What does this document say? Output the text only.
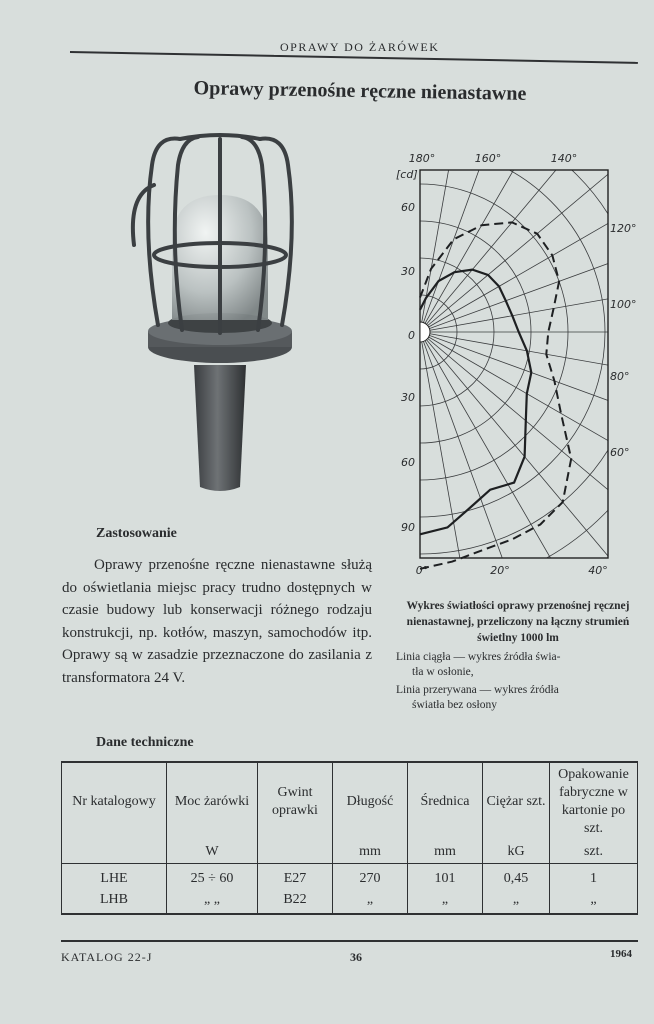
OPRAWY DO ŻARÓWEK
Oprawy przenośne ręczne nienastawne
[cd]
60
30
0
30
60
90
180°	160°	140°
120°
100°
80°
60°
0°	20°	40°
Zastosowanie
Oprawy przenośne ręczne nienastawne służą do oświetlania miejsc pracy trudno dostępnych w czasie budowy lub konserwacji różnego rodzaju konstrukcji, np. kotłów, maszyn, samochodów itp. Oprawy są w zasadzie przeznaczone do zasilania z transformatora 24 V.
Wykres światłości oprawy przenośnej ręcznej nienastawnej, przeliczony na łączny strumień świetlny 1000 lm
Linia ciągła — wykres źródła świa-
tła w osłonie,
Linia przerywana — wykres źródła
światła bez osłony
Dane techniczne
Nr katalogowy	Moc żarówki	Gwint oprawki	Długość	Średnica	Ciężar szt.	Opakowanie fabryczne w kartonie po szt.
	W		mm	mm	kG	szt.
LHE	25 ÷ 60	E27	270	101	0,45	1
LHB	„ „	B22	„	„	„	„
KATALOG 22-J	36	1964
